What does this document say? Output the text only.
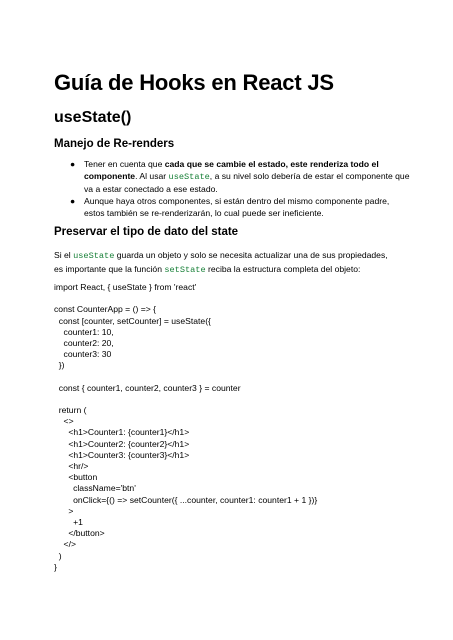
Guía de Hooks en React JS
useState()
Manejo de Re-renders
● Tener en cuenta que cada que se cambie el estado, este renderiza todo el componente. Al usar useState, a su nivel solo debería de estar el componente que va a estar conectado a ese estado.
● Aunque haya otros componentes, si están dentro del mismo componente padre, estos también se re-renderizarán, lo cual puede ser ineficiente.
Preservar el tipo de dato del state
Si el useState guarda un objeto y solo se necesita actualizar una de sus propiedades, es importante que la función setState reciba la estructura completa del objeto:
import React, { useState } from 'react'
const CounterApp = () => {
const [counter, setCounter] = useState({
counter1: 10,
counter2: 20,
counter3: 30
})
const { counter1, counter2, counter3 } = counter
return (
<>
<h1>Counter1: {counter1}</h1>
<h1>Counter2: {counter2}</h1>
<h1>Counter3: {counter3}</h1>
<hr/>
<button
className='btn'
onClick={() => setCounter({ ...counter, counter1: counter1 + 1 })}
>
+1
</button>
</>
)
}
